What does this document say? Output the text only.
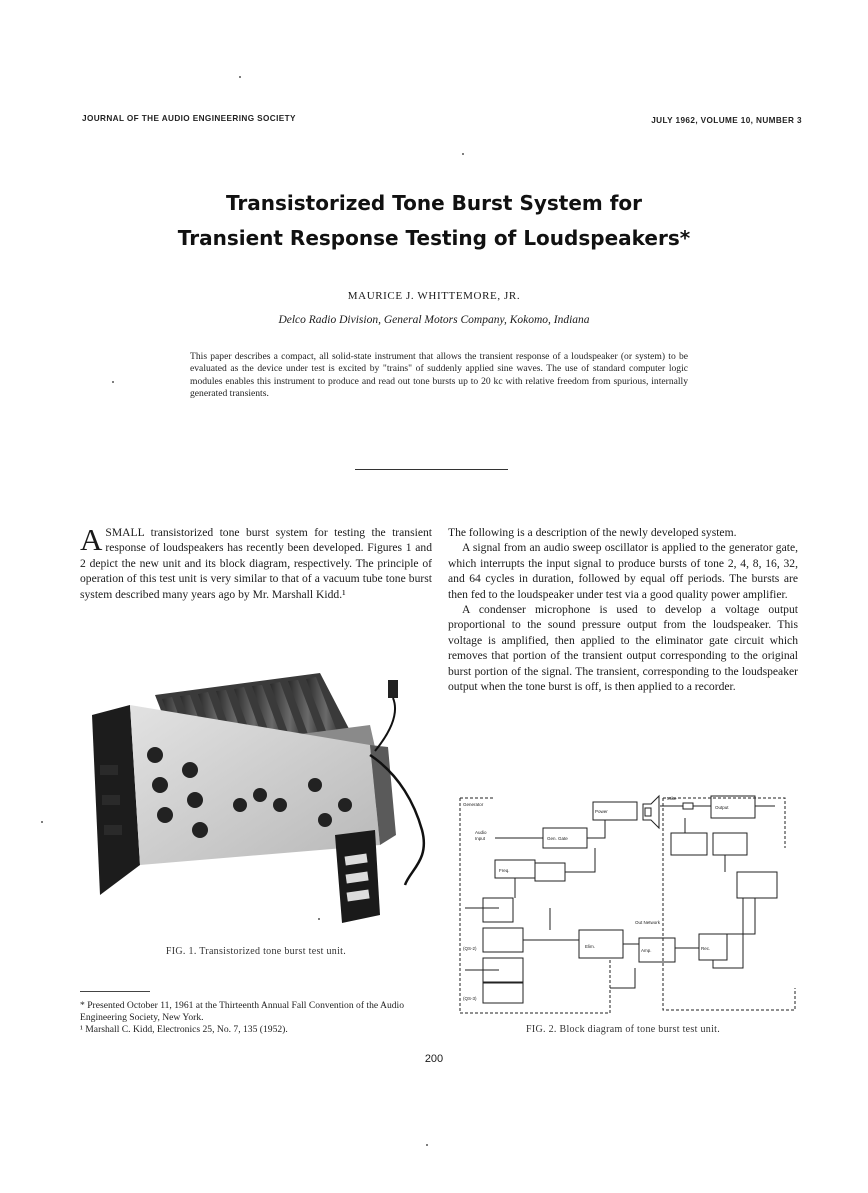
JOURNAL OF THE AUDIO ENGINEERING SOCIETY	JULY 1962, VOLUME 10, NUMBER 3
Transistorized Tone Burst System for
Transient Response Testing of Loudspeakers*
MAURICE J. WHITTEMORE, JR.
Delco Radio Division, General Motors Company, Kokomo, Indiana
This paper describes a compact, all solid-state instrument that allows the transient response of a loudspeaker (or system) to be evaluated as the device under test is excited by "trains" of suddenly applied sine waves. The use of standard computer logic modules enables this instrument to produce and read out tone bursts up to 20 kc with relative freedom from spurious, internally generated transients.
A SMALL transistorized tone burst system for testing the transient response of loudspeakers has recently been developed. Figures 1 and 2 depict the new unit and its block diagram, respectively. The principle of operation of this test unit is very similar to that of a vacuum tube tone burst system described many years ago by Mr. Marshall Kidd.¹
FIG. 1. Transistorized tone burst test unit.
* Presented October 11, 1961 at the Thirteenth Annual Fall Convention of the Audio Engineering Society, New York.
¹ Marshall C. Kidd, Electronics 25, No. 7, 135 (1952).

The following is a description of the newly developed system.

A signal from an audio sweep oscillator is applied to the generator gate, which interrupts the input signal to produce bursts of tone 2, 4, 8, 16, 32, and 64 cycles in duration, followed by equal off periods. The bursts are then fed to the loudspeaker under test via a good quality power amplifier.

A condenser microphone is used to develop a voltage output proportional to the sound pressure output from the loudspeaker. This voltage is amplified, then applied to the eliminator gate circuit which removes that portion of the transient output corresponding to the original burst portion of the signal. The transient, corresponding to the loudspeaker output when the tone burst is off, is then applied to a recorder.

Generator
Audio
Input
Power
Gen. Gate
Freq.
Elim.
Amp.	Rec.
Output
Mike
Out Network
(QS-2)
(QS-3)
FIG. 2. Block diagram of tone burst test unit.
200
